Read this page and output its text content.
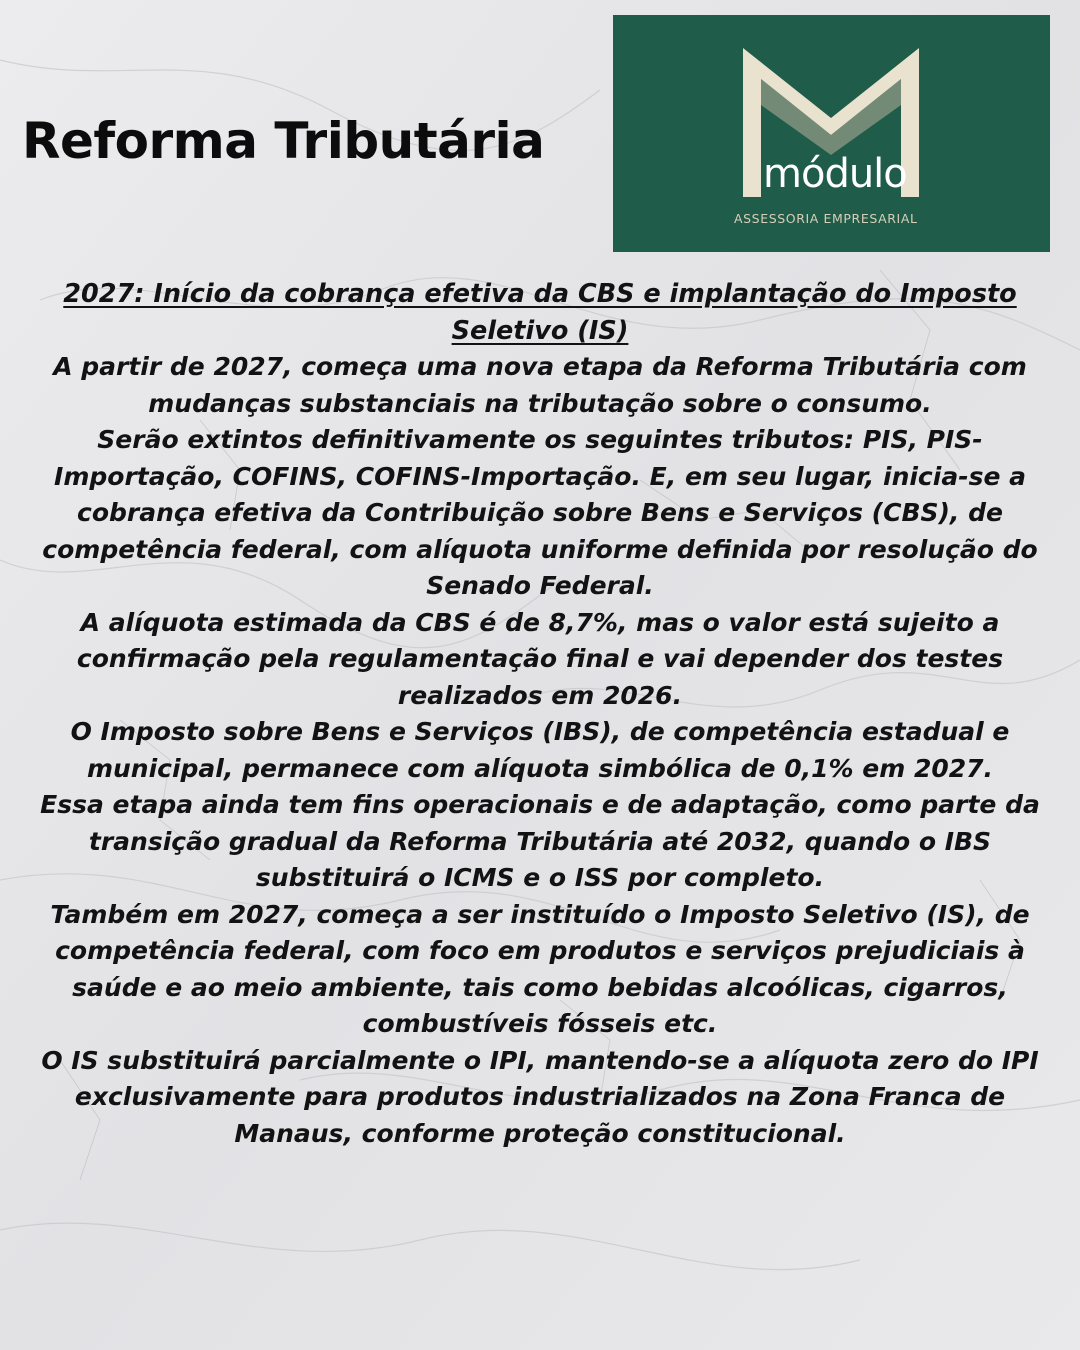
Reforma Tributária
módulo
ASSESSORIA EMPRESARIAL

2027: Início da cobrança efetiva da CBS e implantação do Imposto Seletivo (IS)

A partir de 2027, começa uma nova etapa da Reforma Tributária com mudanças substanciais na tributação sobre o consumo.

Serão extintos definitivamente os seguintes tributos: PIS, PIS-Importação, COFINS, COFINS-Importação. E, em seu lugar, inicia-se a cobrança efetiva da Contribuição sobre Bens e Serviços (CBS), de competência federal, com alíquota uniforme definida por resolução do Senado Federal.

A alíquota estimada da CBS é de 8,7%, mas o valor está sujeito a confirmação pela regulamentação final e vai depender dos testes realizados em 2026.

O Imposto sobre Bens e Serviços (IBS), de competência estadual e municipal, permanece com alíquota simbólica de 0,1% em 2027.

Essa etapa ainda tem fins operacionais e de adaptação, como parte da transição gradual da Reforma Tributária até 2032, quando o IBS substituirá o ICMS e o ISS por completo.

Também em 2027, começa a ser instituído o Imposto Seletivo (IS), de competência federal, com foco em produtos e serviços prejudiciais à saúde e ao meio ambiente, tais como bebidas alcoólicas, cigarros, combustíveis fósseis etc.

O IS substituirá parcialmente o IPI, mantendo-se a alíquota zero do IPI exclusivamente para produtos industrializados na Zona Franca de Manaus, conforme proteção constitucional.
